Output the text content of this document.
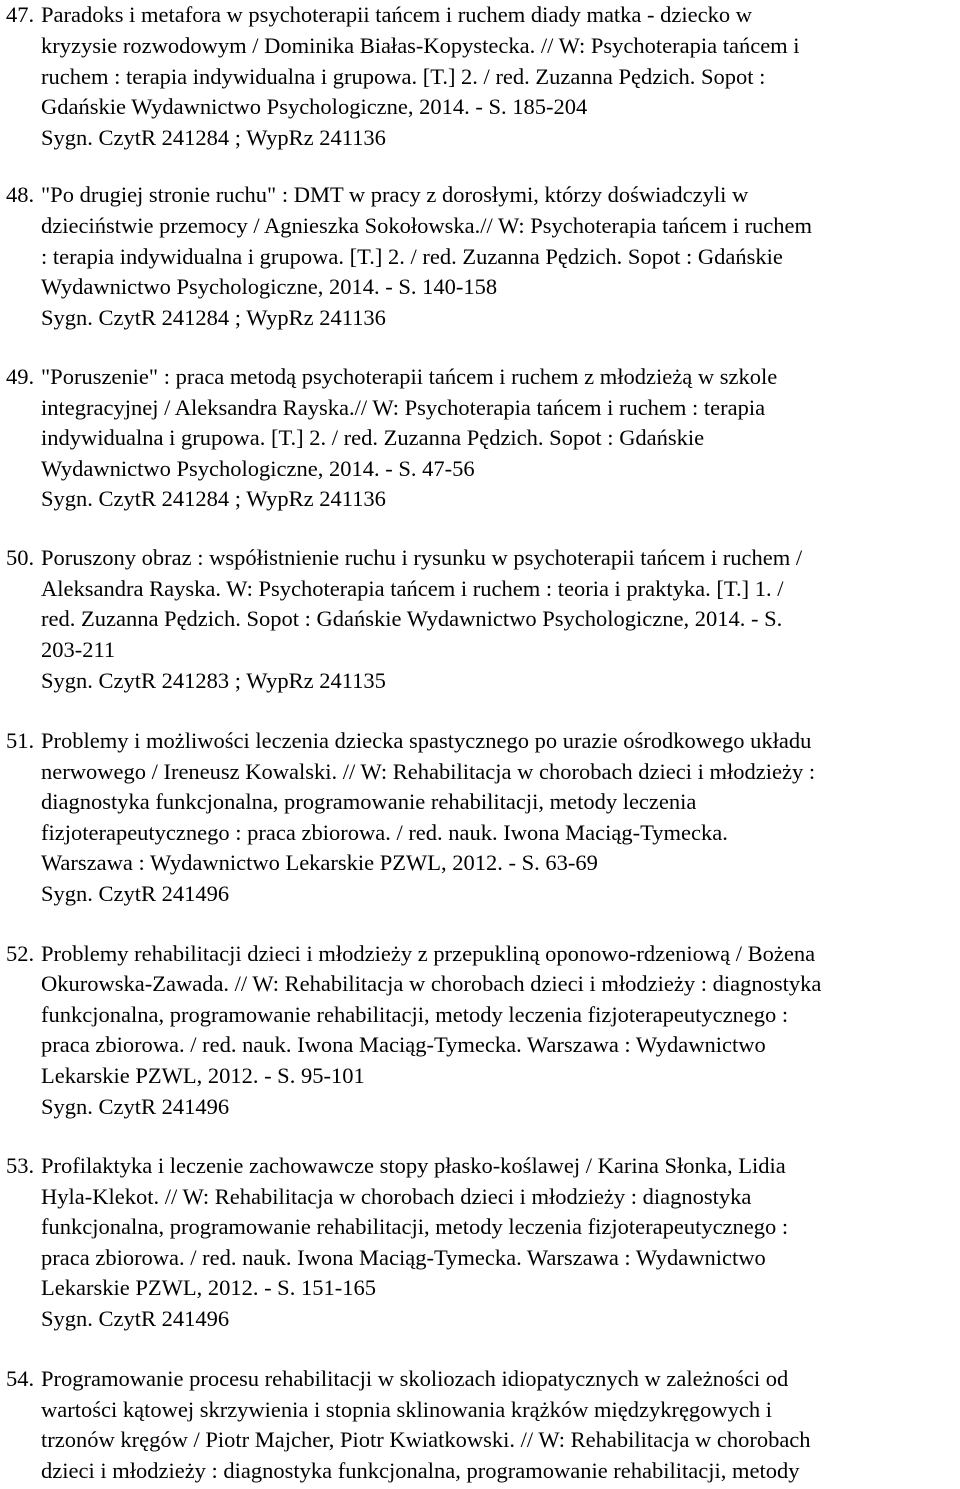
47. Paradoks i metafora w psychoterapii tańcem i ruchem diady matka - dziecko w
kryzysie rozwodowym / Dominika Białas-Kopystecka. // W: Psychoterapia tańcem i
ruchem : terapia indywidualna i grupowa. [T.] 2. / red. Zuzanna Pędzich. Sopot :
Gdańskie Wydawnictwo Psychologiczne, 2014. - S. 185-204
Sygn. CzytR 241284 ; WypRz 241136
48. "Po drugiej stronie ruchu" : DMT w pracy z dorosłymi, którzy doświadczyli w
dzieciństwie przemocy / Agnieszka Sokołowska.// W: Psychoterapia tańcem i ruchem
: terapia indywidualna i grupowa. [T.] 2. / red. Zuzanna Pędzich. Sopot : Gdańskie
Wydawnictwo Psychologiczne, 2014. - S. 140-158
Sygn. CzytR 241284 ; WypRz 241136
49. "Poruszenie" : praca metodą psychoterapii tańcem i ruchem z młodzieżą w szkole
integracyjnej / Aleksandra Rayska.// W: Psychoterapia tańcem i ruchem : terapia
indywidualna i grupowa. [T.] 2. / red. Zuzanna Pędzich. Sopot : Gdańskie
Wydawnictwo Psychologiczne, 2014. - S. 47-56
Sygn. CzytR 241284 ; WypRz 241136
50. Poruszony obraz : współistnienie ruchu i rysunku w psychoterapii tańcem i ruchem /
Aleksandra Rayska. W: Psychoterapia tańcem i ruchem : teoria i praktyka. [T.] 1. /
red. Zuzanna Pędzich. Sopot : Gdańskie Wydawnictwo Psychologiczne, 2014. - S.
203-211
Sygn. CzytR 241283 ; WypRz 241135
51. Problemy i możliwości leczenia dziecka spastycznego po urazie ośrodkowego układu
nerwowego / Ireneusz Kowalski. // W: Rehabilitacja w chorobach dzieci i młodzieży :
diagnostyka funkcjonalna, programowanie rehabilitacji, metody leczenia
fizjoterapeutycznego : praca zbiorowa. / red. nauk. Iwona Maciąg-Tymecka.
Warszawa : Wydawnictwo Lekarskie PZWL, 2012. - S. 63-69
Sygn. CzytR 241496
52. Problemy rehabilitacji dzieci i młodzieży z przepukliną oponowo-rdzeniową / Bożena
Okurowska-Zawada. // W: Rehabilitacja w chorobach dzieci i młodzieży : diagnostyka
funkcjonalna, programowanie rehabilitacji, metody leczenia fizjoterapeutycznego :
praca zbiorowa. / red. nauk. Iwona Maciąg-Tymecka. Warszawa : Wydawnictwo
Lekarskie PZWL, 2012. - S. 95-101
Sygn. CzytR 241496
53. Profilaktyka i leczenie zachowawcze stopy płasko-koślawej / Karina Słonka, Lidia
Hyla-Klekot. // W: Rehabilitacja w chorobach dzieci i młodzieży : diagnostyka
funkcjonalna, programowanie rehabilitacji, metody leczenia fizjoterapeutycznego :
praca zbiorowa. / red. nauk. Iwona Maciąg-Tymecka. Warszawa : Wydawnictwo
Lekarskie PZWL, 2012. - S. 151-165
Sygn. CzytR 241496
54. Programowanie procesu rehabilitacji w skoliozach idiopatycznych w zależności od
wartości kątowej skrzywienia i stopnia sklinowania krążków międzykręgowych i
trzonów kręgów / Piotr Majcher, Piotr Kwiatkowski. // W: Rehabilitacja w chorobach
dzieci i młodzieży : diagnostyka funkcjonalna, programowanie rehabilitacji, metody
